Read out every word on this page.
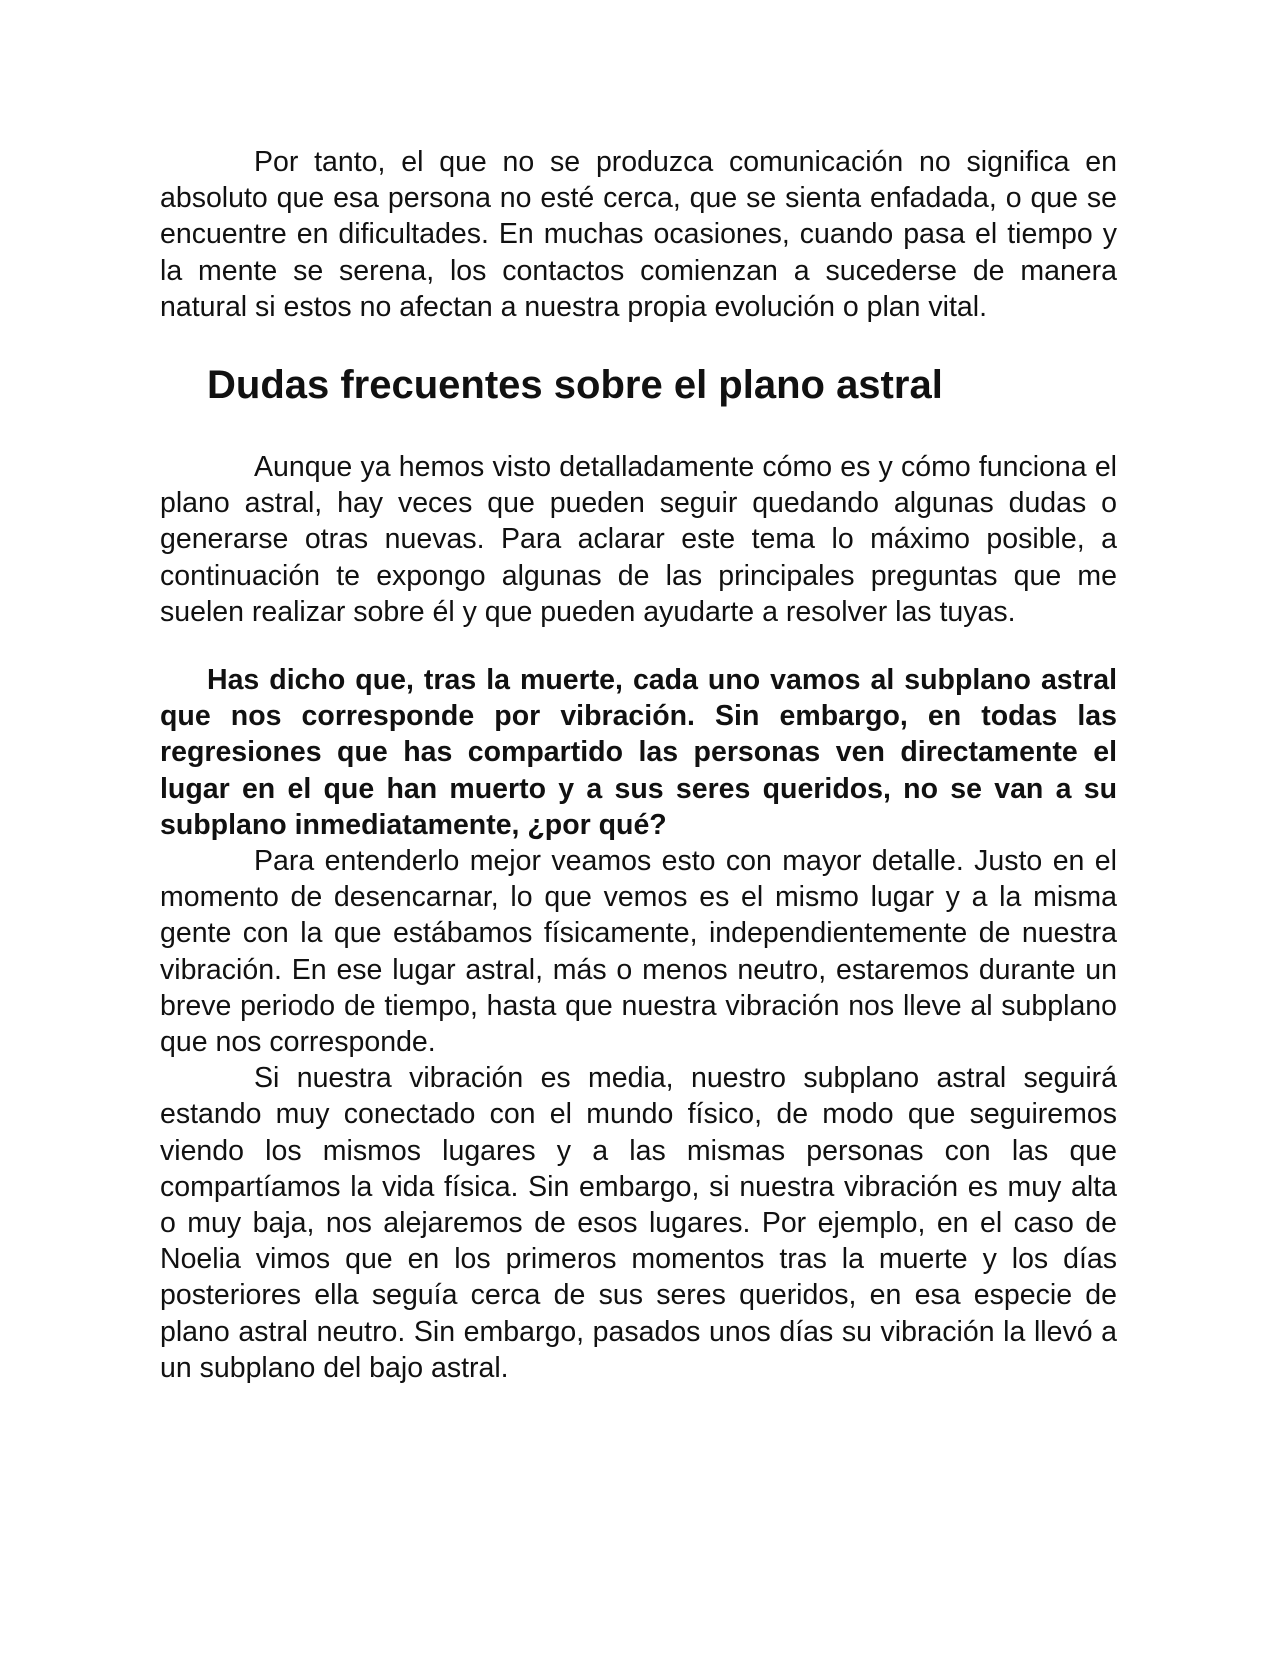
Por tanto, el que no se produzca comunicación no significa en absoluto que esa persona no esté cerca, que se sienta enfadada, o que se encuentre en dificultades. En muchas ocasiones, cuando pasa el tiempo y la mente se serena, los contactos comienzan a sucederse de manera natural si estos no afectan a nuestra propia evolución o plan vital.

Dudas frecuentes sobre el plano astral

Aunque ya hemos visto detalladamente cómo es y cómo funciona el plano astral, hay veces que pueden seguir quedando algunas dudas o generarse otras nuevas. Para aclarar este tema lo máximo posible, a continuación te expongo algunas de las principales preguntas que me suelen realizar sobre él y que pueden ayudarte a resolver las tuyas.

Has dicho que, tras la muerte, cada uno vamos al subplano astral que nos corresponde por vibración. Sin embargo, en todas las regresiones que has compartido las personas ven directamente el lugar en el que han muerto y a sus seres queridos, no se van a su subplano inmediatamente, ¿por qué?

Para entenderlo mejor veamos esto con mayor detalle. Justo en el momento de desencarnar, lo que vemos es el mismo lugar y a la misma gente con la que estábamos físicamente, independientemente de nuestra vibración. En ese lugar astral, más o menos neutro, estaremos durante un breve periodo de tiempo, hasta que nuestra vibración nos lleve al subplano que nos corresponde.

Si nuestra vibración es media, nuestro subplano astral seguirá estando muy conectado con el mundo físico, de modo que seguiremos viendo los mismos lugares y a las mismas personas con las que compartíamos la vida física. Sin embargo, si nuestra vibración es muy alta o muy baja, nos alejaremos de esos lugares. Por ejemplo, en el caso de Noelia vimos que en los primeros momentos tras la muerte y los días posteriores ella seguía cerca de sus seres queridos, en esa especie de plano astral neutro. Sin embargo, pasados unos días su vibración la llevó a un subplano del bajo astral.
